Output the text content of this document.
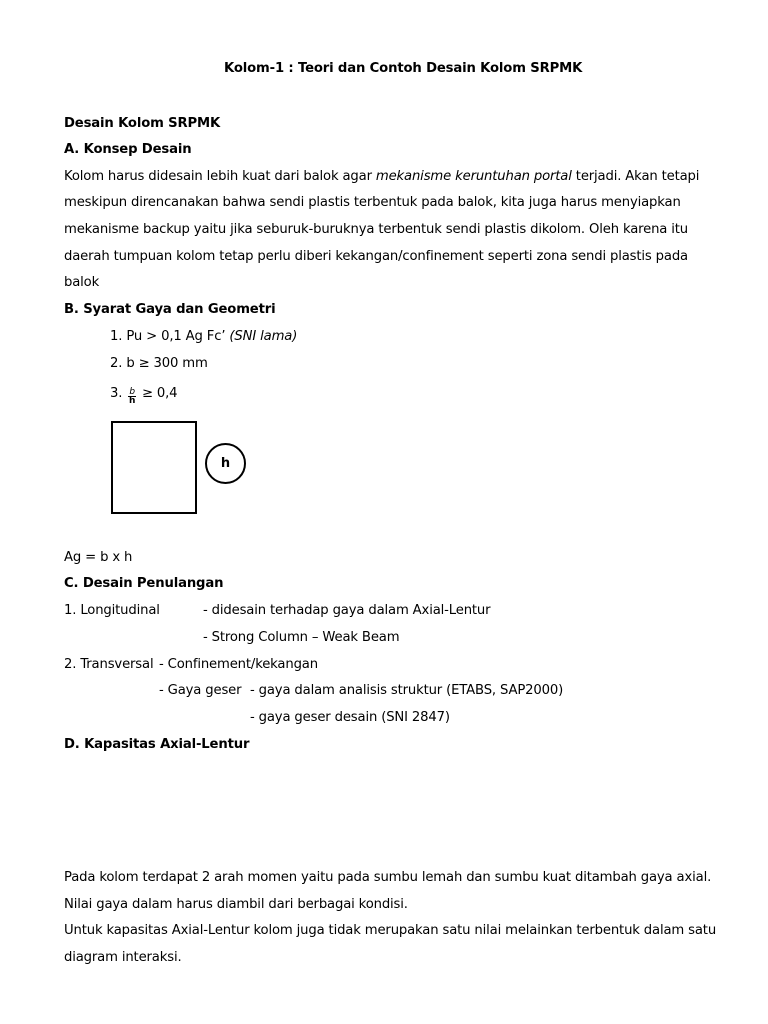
Kolom-1 : Teori dan Contoh Desain Kolom SRPMK
Desain Kolom SRPMK
A. Konsep Desain
Kolom harus didesain lebih kuat dari balok agar mekanisme keruntuhan portal terjadi. Akan tetapi
meskipun direncanakan bahwa sendi plastis terbentuk pada balok, kita juga harus menyiapkan
mekanisme backup yaitu jika seburuk-buruknya terbentuk sendi plastis dikolom. Oleh karena itu
daerah tumpuan kolom tetap perlu diberi kekangan/confinement seperti zona sendi plastis pada
balok
B. Syarat Gaya dan Geometri
1. Pu > 0,1 Ag Fc’ (SNI lama)
2. b ≥ 300 mm
3. $\frac{b}{h} \ge 0,4$
h
Ag = b x h
C. Desain Penulangan
1. Longitudinal	- didesain terhadap gaya dalam Axial-Lentur
- Strong Column – Weak Beam
2. Transversal - Confinement/kekangan
- Gaya geser - gaya dalam analisis struktur (ETABS, SAP2000)
- gaya geser desain (SNI 2847)
D. Kapasitas Axial-Lentur
Pada kolom terdapat 2 arah momen yaitu pada sumbu lemah dan sumbu kuat ditambah gaya axial.
Nilai gaya dalam harus diambil dari berbagai kondisi.
Untuk kapasitas Axial-Lentur kolom juga tidak merupakan satu nilai melainkan terbentuk dalam satu
diagram interaksi.
